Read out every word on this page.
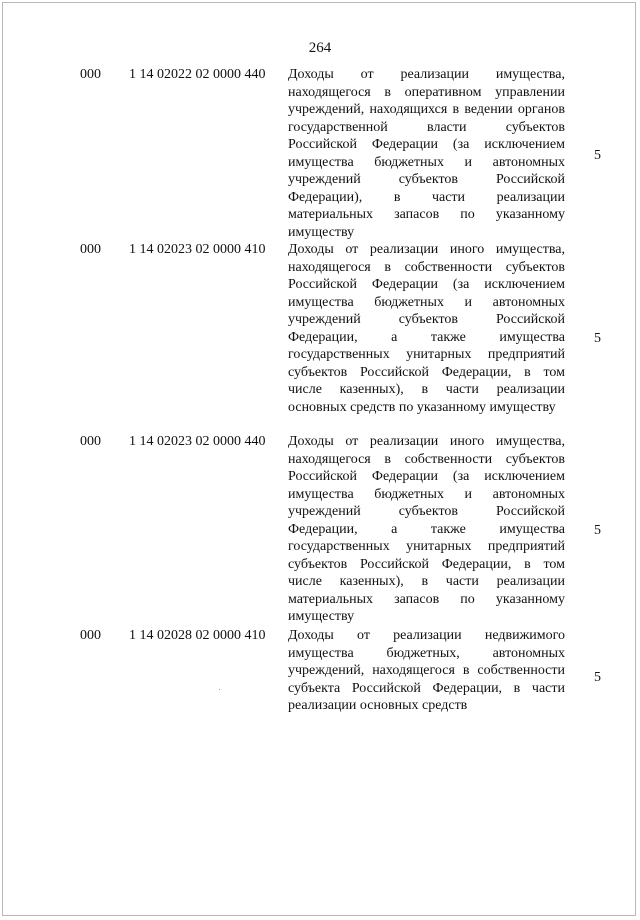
264
000 1 14 02022 02 0000 440 Доходы от реализации имущества, находящегося в оперативном управлении учреждений, находящихся в ведении органов государственной власти субъектов Российской Федерации (за исключением имущества бюджетных и автономных учреждений субъектов Российской Федерации), в части реализации материальных запасов по указанному имуществу
5
000 1 14 02023 02 0000 410 Доходы от реализации иного имущества, находящегося в собственности субъектов Российской Федерации (за исключением имущества бюджетных и автономных учреждений субъектов Российской Федерации, а также имущества государственных унитарных предприятий субъектов Российской Федерации, в том числе казенных), в части реализации основных средств по указанному имуществу
5
000 1 14 02023 02 0000 440 Доходы от реализации иного имущества, находящегося в собственности субъектов Российской Федерации (за исключением имущества бюджетных и автономных учреждений субъектов Российской Федерации, а также имущества государственных унитарных предприятий субъектов Российской Федерации, в том числе казенных), в части реализации материальных запасов по указанному имуществу
5
000 1 14 02028 02 0000 410 Доходы от реализации недвижимого имущества бюджетных, автономных учреждений, находящегося в собственности субъекта Российской Федерации, в части реализации основных средств
5
